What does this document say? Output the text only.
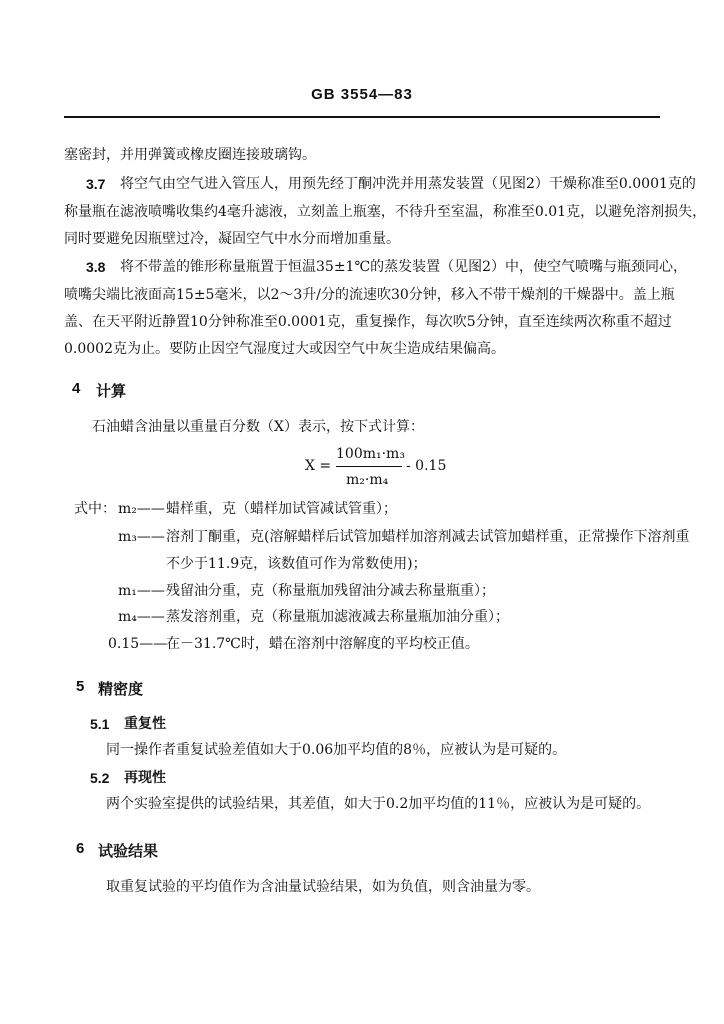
GB 3554—83
塞密封，并用弹簧或橡皮圈连接玻璃钩。
3.7 将空气由空气进入管压人，用预先经丁酮冲洗并用蒸发装置（见图2）干燥称准至0.0001克的
称量瓶在滤液喷嘴收集约4毫升滤液，立刻盖上瓶塞，不待升至室温，称准至0.01克，以避免溶剂损失，
同时要避免因瓶壁过冷，凝固空气中水分而增加重量。
3.8 将不带盖的锥形称量瓶置于恒温35±1℃的蒸发装置（见图2）中，使空气喷嘴与瓶颈同心，
喷嘴尖端比液面高15±5毫米，以2～3升/分的流速吹30分钟，移入不带干燥剂的干燥器中。盖上瓶
盖、在天平附近静置10分钟称准至0.0001克，重复操作，每次吹5分钟，直至连续两次称重不超过
0.0002克为止。要防止因空气湿度过大或因空气中灰尘造成结果偏高。
4 计算
石油蜡含油量以重量百分数（X）表示，按下式计算：
X =
100m₁·m₃
m₂·m₄
- 0.15
式中： m₂—— 蜡样重，克（蜡样加试管减试管重）；
m₃—— 溶剂丁酮重，克(溶解蜡样后试管加蜡样加溶剂减去试管加蜡样重，正常操作下溶剂重
不少于11.9克，该数值可作为常数使用)；
m₁—— 残留油分重，克（称量瓶加残留油分减去称量瓶重）；
m₄—— 蒸发溶剂重，克（称量瓶加滤液减去称量瓶加油分重）；
0.15——
在－31.7℃时，蜡在溶剂中溶解度的平均校正值。
5 精密度
5.1 重复性
同一操作者重复试验差值如大于0.06加平均值的8％，应被认为是可疑的。
5.2 再现性
两个实验室提供的试验结果，其差值，如大于0.2加平均值的11％，应被认为是可疑的。
6 试验结果
取重复试验的平均值作为含油量试验结果，如为负值，则含油量为零。
